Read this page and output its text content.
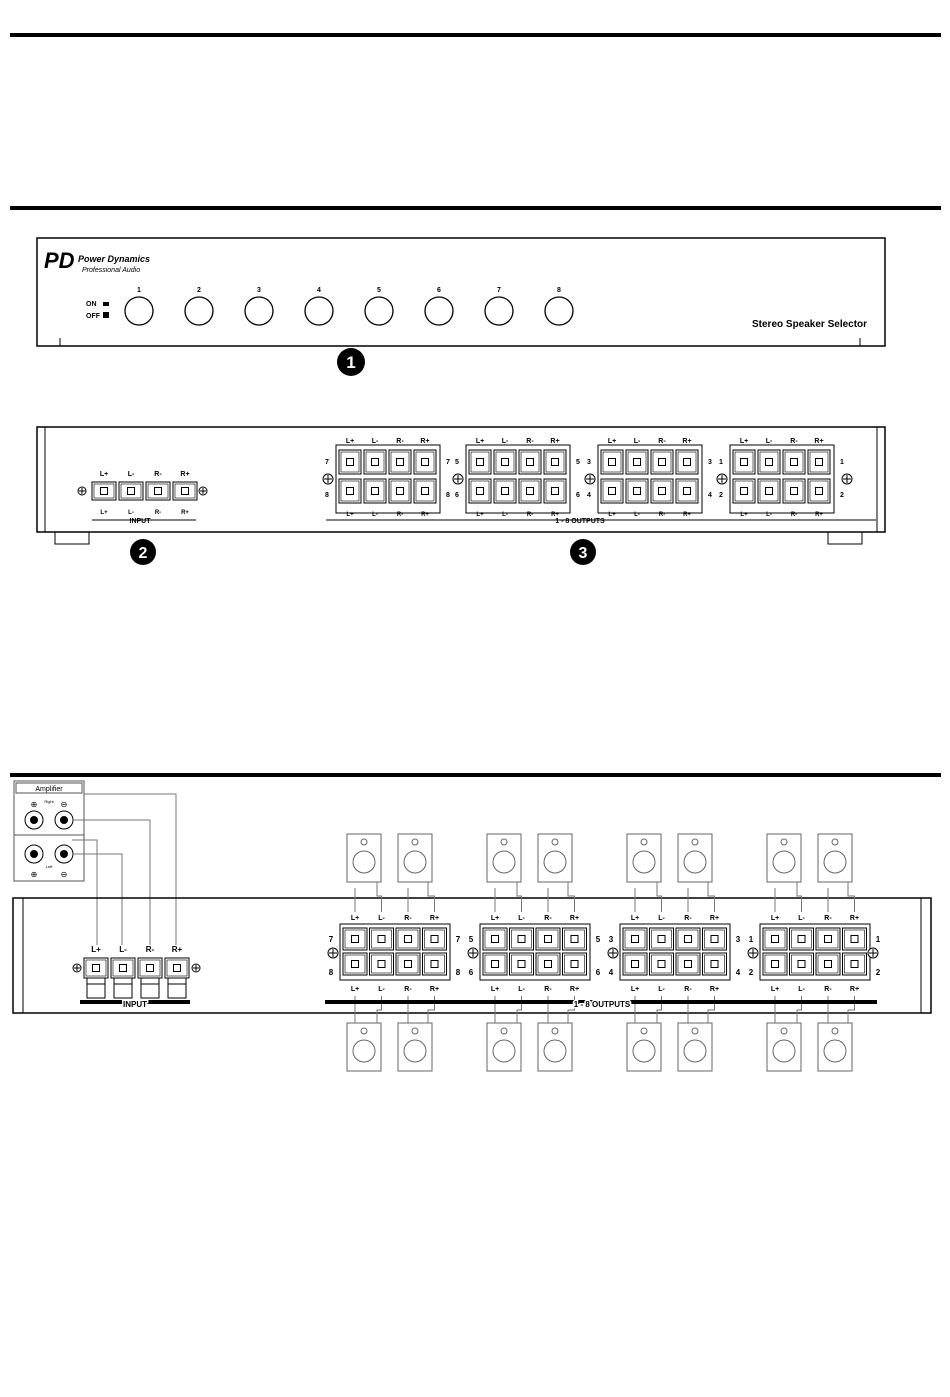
PD Power Dynamics
Professional Audio
ON
OFF
1	2	3	4	5	6	7	8
Stereo Speaker Selector
1
L+
L+
L-
L-
R-
R-
R+
R+
L+
L+
L-
L-
R-
R-
R+
R+
7
8
7
8
L+
L+
L-
L-
R-
R-
R+
R+
5
6
5
6
L+
L+
L-
L-
R-
R-
R+
R+
3
4
3
4
L+
L+
L-
L-
R-
R-
R+
R+
1
2
1
2
INPUT	1 - 8 OUTPUTS
2	3
Amplifier
Right
Left
⊕	⊖
⊕	⊖
L+ L- R- R+
L+
L+
L-
L-
R-
R-
R+
R+
7
8
7
8
L+
L+
L-
L-
R-
R-
R+
R+
5
6
5
6
L+
L+
L-
L-
R-
R-
R+
R+
3
4
3
4
L+
L+
L-
L-
R-
R-
R+
R+
1
2
1
2
INPUT	1 - 8 OUTPUTS
